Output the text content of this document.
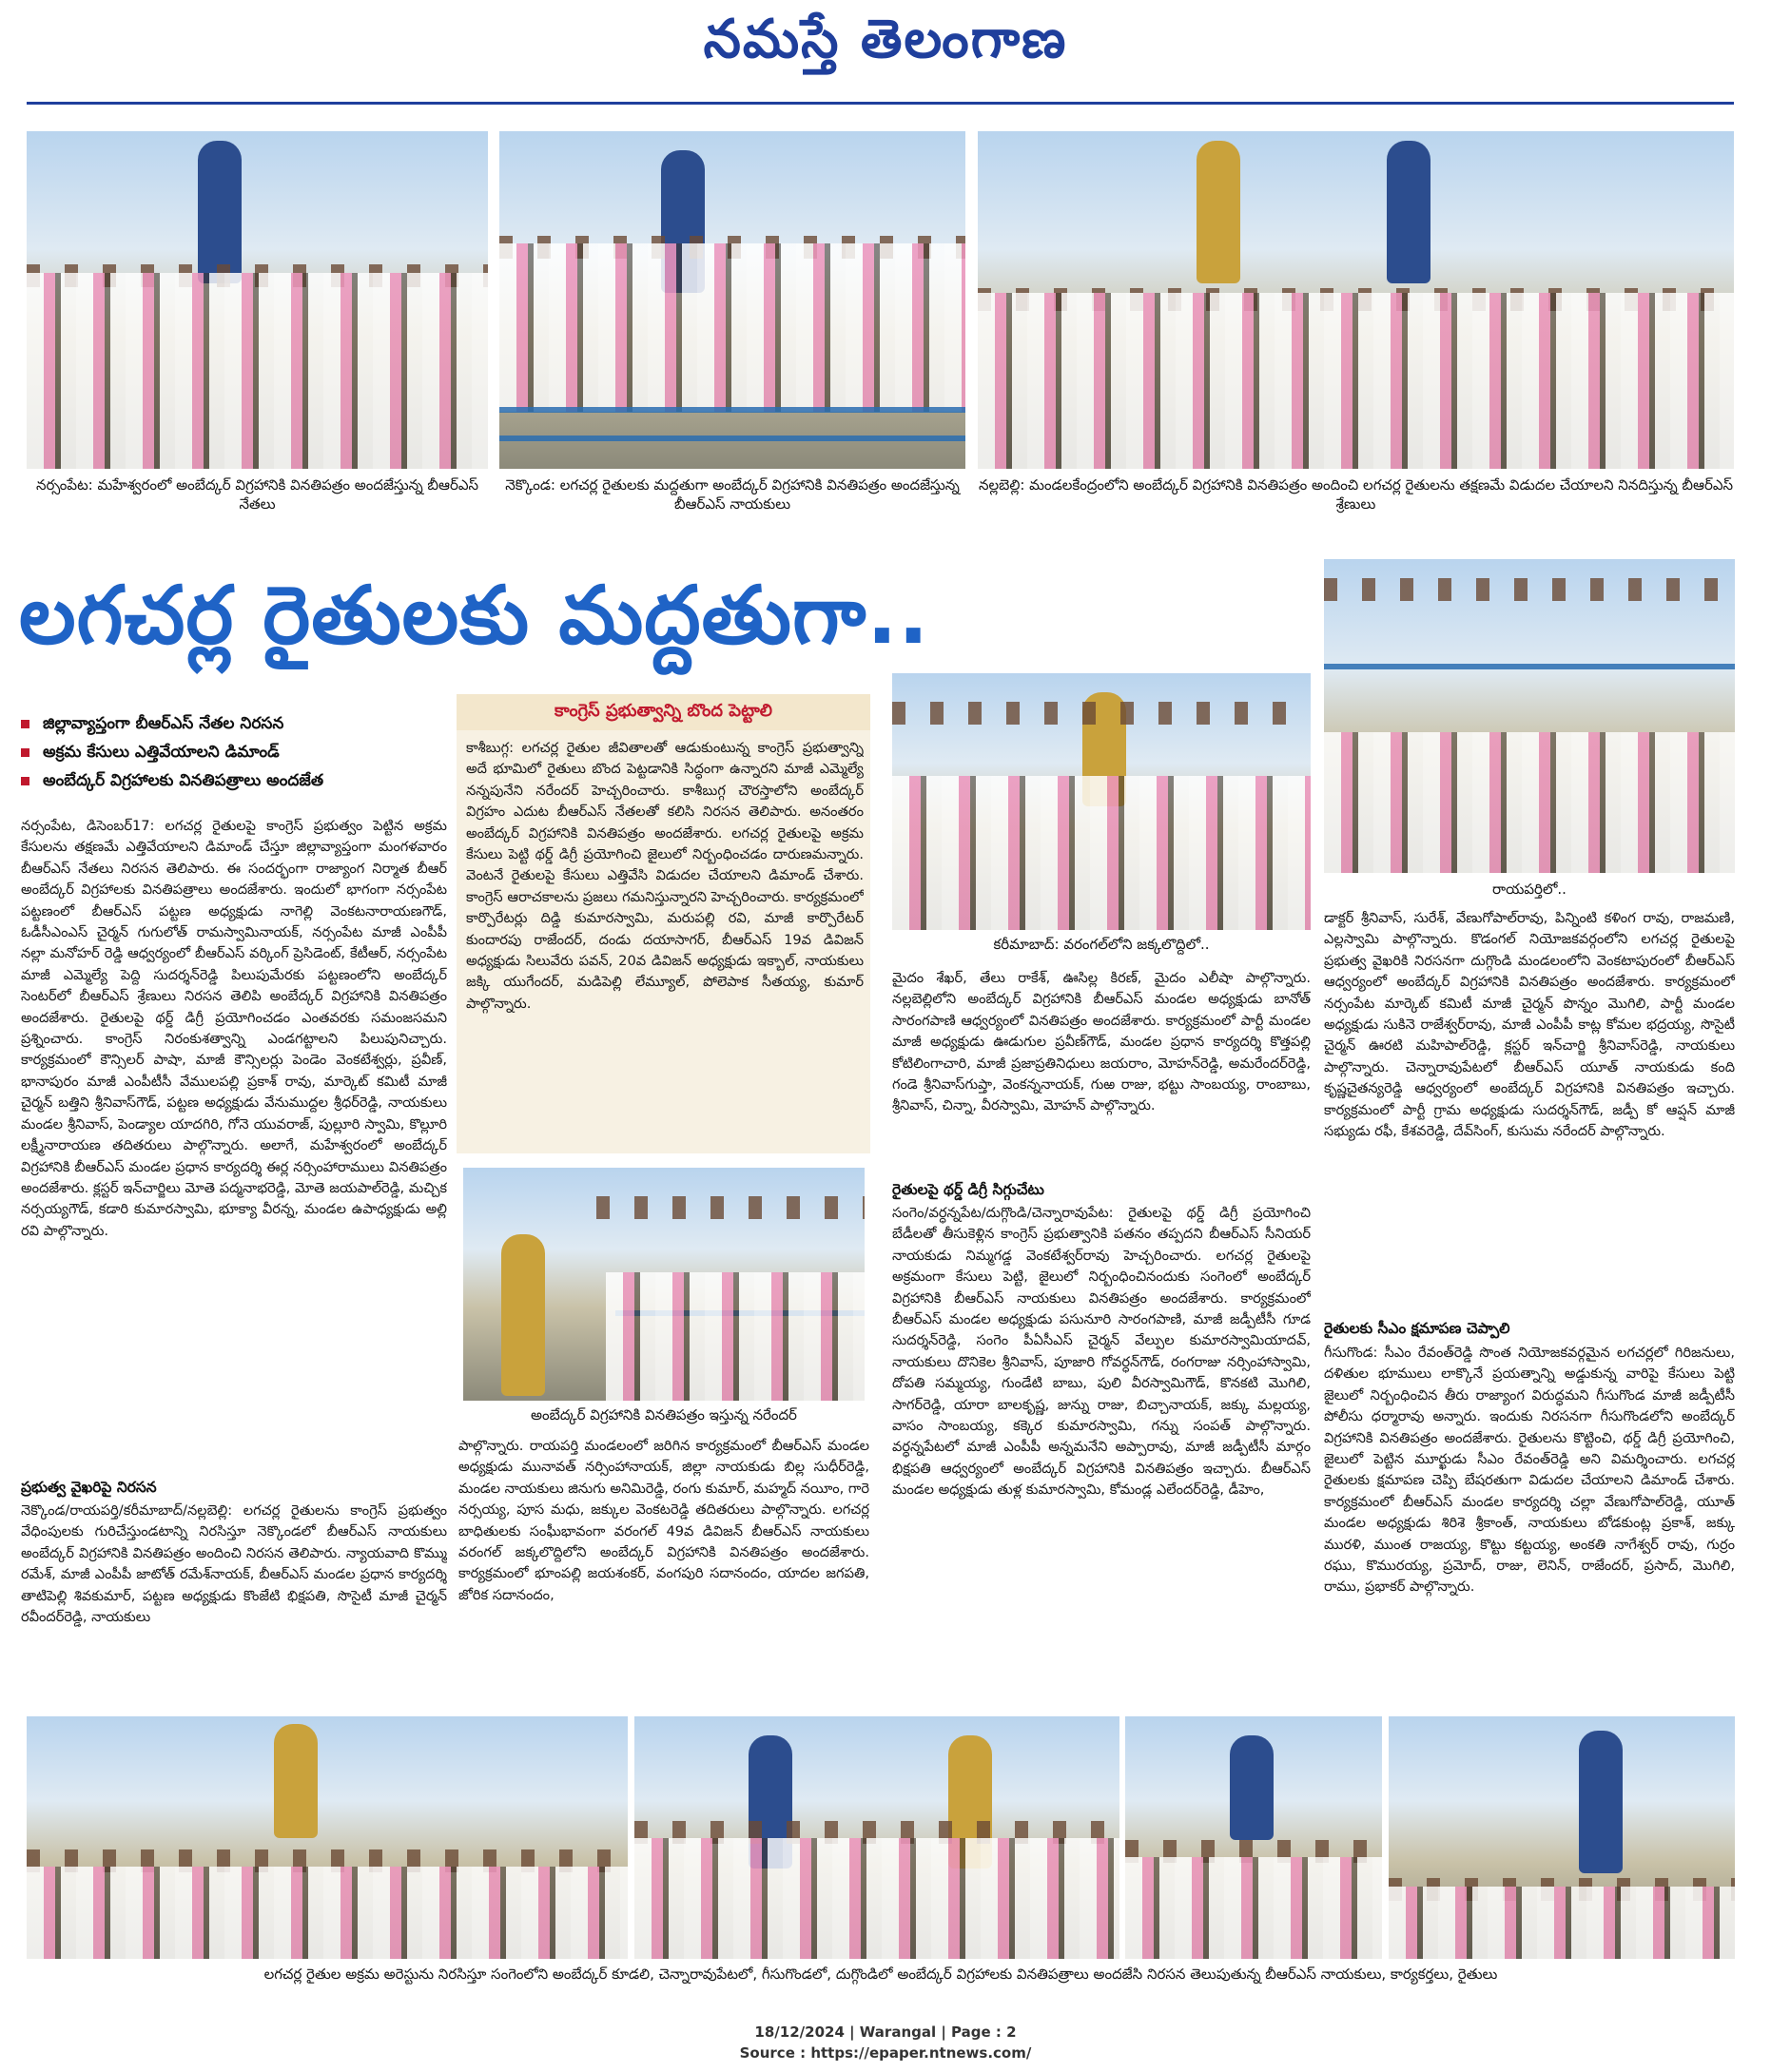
నమస్తే తెలంగాణ
నర్సంపేట: మహేశ్వరంలో అంబేద్కర్ విగ్రహానికి వినతిపత్రం అందజేస్తున్న బీఆర్ఎస్ నేతలు
నెక్కొండ: లగచర్ల రైతులకు మద్దతుగా అంబేద్కర్ విగ్రహానికి వినతిపత్రం అందజేస్తున్న బీఆర్ఎస్ నాయకులు
నల్లబెల్లి: మండలకేంద్రంలోని అంబేద్కర్ విగ్రహానికి వినతిపత్రం అందించి లగచర్ల రైతులను తక్షణమే విడుదల చేయాలని నినదిస్తున్న బీఆర్ఎస్ శ్రేణులు
లగచర్ల రైతులకు మద్దతుగా..
రాయపర్తిలో..
జిల్లావ్యాప్తంగా బీఆర్ఎస్ నేతల నిరసన
అక్రమ కేసులు ఎత్తివేయాలని డిమాండ్
అంబేద్కర్ విగ్రహాలకు వినతిపత్రాలు అందజేత
నర్సంపేట, డిసెంబర్17: లగచర్ల రైతులపై కాంగ్రెస్ ప్రభుత్వం పెట్టిన అక్రమ కేసులను తక్షణమే ఎత్తివేయాలని డిమాండ్ చేస్తూ జిల్లావ్యాప్తంగా మంగళవారం బీఆర్ఎస్ నేతలు నిరసన తెలిపారు. ఈ సందర్భంగా రాజ్యాంగ నిర్మాత బీఆర్ అంబేద్కర్ విగ్రహాలకు వినతిపత్రాలు అందజేశారు. ఇందులో భాగంగా నర్సంపేట పట్టణంలో బీఆర్ఎస్ పట్టణ అధ్యక్షుడు నాగెల్లి వెంకటనారాయణగౌడ్, ఓడీసీఎంఎస్ చైర్మన్ గుగులోత్ రామస్వామినాయక్, నర్సంపేట మాజీ ఎంపీపీ నల్లా మనోహర్ రెడ్డి ఆధ్వర్యంలో బీఆర్ఎస్ వర్కింగ్ ప్రెసిడెంట్, కేటీఆర్, నర్సంపేట మాజీ ఎమ్మెల్యే పెద్ది సుదర్శన్‌రెడ్డి పిలుపుమేరకు పట్టణంలోని అంబేద్కర్ సెంటర్‌లో బీఆర్ఎస్ శ్రేణులు నిరసన తెలిపి అంబేద్కర్ విగ్రహానికి వినతిపత్రం అందజేశారు. రైతులపై థర్డ్ డిగ్రీ ప్రయోగించడం ఎంతవరకు సమంజసమని ప్రశ్నించారు. కాంగ్రెస్ నిరంకుశత్వాన్ని ఎండగట్టాలని పిలుపునిచ్చారు. కార్యక్రమంలో కౌన్సిలర్ పాషా, మాజీ కౌన్సిలర్లు పెండెం వెంకటేశ్వర్లు, ప్రవీణ్, భానాపురం మాజీ ఎంపీటీసీ వేములపల్లి ప్రకాశ్ రావు, మార్కెట్ కమిటీ మాజీ చైర్మన్ బత్తిని శ్రీనివాస్‌గౌడ్, పట్టణ అధ్యక్షుడు వేనుముద్దల శ్రీధర్‌రెడ్డి, నాయకులు మండల శ్రీనివాస్, పెండ్యాల యాదగిరి, గోనె యువరాజ్, పుల్లూరి స్వామి, కొల్లూరి లక్ష్మీనారాయణ తదితరులు పాల్గొన్నారు. అలాగే, మహేశ్వరంలో అంబేద్కర్ విగ్రహానికి బీఆర్ఎస్ మండల ప్రధాన కార్యదర్శి ఈర్ల నర్సింహారాములు వినతిపత్రం అందజేశారు. క్లస్టర్ ఇన్‌చార్జిలు మోతె పద్మనాభరెడ్డి, మోతె జయపాల్‌రెడ్డి, మచ్చిక నర్సయ్యగౌడ్, కడారి కుమారస్వామి, భూక్యా వీరన్న, మండల ఉపాధ్యక్షుడు అల్లి రవి పాల్గొన్నారు.
ప్రభుత్వ వైఖరిపై నిరసన
నెక్కొండ/రాయపర్తి/కరీమాబాద్/నల్లబెల్లి: లగచర్ల రైతులను కాంగ్రెస్ ప్రభుత్వం వేధింపులకు గురిచేస్తుండటాన్ని నిరసిస్తూ నెక్కొండలో బీఆర్ఎస్ నాయకులు అంబేద్కర్ విగ్రహానికి వినతిపత్రం అందించి నిరసన తెలిపారు. న్యాయవాది కొమ్ము రమేశ్, మాజీ ఎంపీపీ జాటోత్ రమేశ్‌నాయక్, బీఆర్ఎస్ మండల ప్రధాన కార్యదర్శి తాటిపెల్లి శివకుమార్, పట్టణ అధ్యక్షుడు కొంజేటి భిక్షపతి, సొసైటీ మాజీ చైర్మన్ రవీందర్‌రెడ్డి, నాయకులు
కాంగ్రెస్ ప్రభుత్వాన్ని బొంద పెట్టాలి
కాశీబుగ్గ: లగచర్ల రైతుల జీవితాలతో ఆడుకుంటున్న కాంగ్రెస్ ప్రభుత్వాన్ని అదే భూమిలో రైతులు బొంద పెట్టడానికి సిద్ధంగా ఉన్నారని మాజీ ఎమ్మెల్యే నన్నపునేని నరేందర్ హెచ్చరించారు. కాశీబుగ్గ చౌరస్తాలోని అంబేద్కర్ విగ్రహం ఎదుట బీఆర్ఎస్ నేతలతో కలిసి నిరసన తెలిపారు. అనంతరం అంబేద్కర్ విగ్రహానికి వినతిపత్రం అందజేశారు. లగచర్ల రైతులపై అక్రమ కేసులు పెట్టి థర్డ్ డిగ్రీ ప్రయోగించి జైలులో నిర్బంధించడం దారుణమన్నారు. వెంటనే రైతులపై కేసులు ఎత్తివేసి విడుదల చేయాలని డిమాండ్ చేశారు. కాంగ్రెస్ ఆరాచకాలను ప్రజలు గమనిస్తున్నారని హెచ్చరించారు. కార్యక్రమంలో కార్పొరేటర్లు దిడ్డి కుమారస్వామి, మరుపల్లి రవి, మాజీ కార్పొరేటర్ కుందారపు రాజేందర్, దండు దయాసాగర్, బీఆర్ఎస్ 19వ డివిజన్ అధ్యక్షుడు సిలువేరు పవన్, 20వ డివిజన్ అధ్యక్షుడు ఇక్బాల్, నాయకులు జక్కి యుగేందర్, మడిపెల్లి లేమ్యూల్, పోలెపాక సీతయ్య, కుమార్ పాల్గొన్నారు.
అంబేద్కర్ విగ్రహానికి వినతిపత్రం ఇస్తున్న నరేందర్
పాల్గొన్నారు. రాయపర్తి మండలంలో జరిగిన కార్యక్రమంలో బీఆర్ఎస్ మండల అధ్యక్షుడు మునావత్ నర్సింహానాయక్, జిల్లా నాయకుడు బిల్ల సుధీర్‌రెడ్డి, మండల నాయకులు జినుగు అనిమిరెడ్డి, రంగు కుమార్, మహ్మద్ నయీం, గారె నర్సయ్య, పూస మధు, జక్కుల వెంకటరెడ్డి తదితరులు పాల్గొన్నారు. లగచర్ల బాధితులకు సంఘీభావంగా వరంగల్ 49వ డివిజన్ బీఆర్ఎస్ నాయకులు వరంగల్ జక్కలొద్దిలోని అంబేద్కర్ విగ్రహానికి వినతిపత్రం అందజేశారు. కార్యక్రమంలో భూంపల్లి జయశంకర్, వంగపురి సదానందం, యాదల జగపతి, జోరిక సదానందం,
కరీమాబాద్: వరంగల్‌లోని జక్కలొద్దిలో..
మైదం శేఖర్, తేలు రాకేశ్, ఊసిల్ల కిరణ్, మైదం ఎలీషా పాల్గొన్నారు. నల్లబెల్లిలోని అంబేద్కర్ విగ్రహానికి బీఆర్ఎస్ మండల అధ్యక్షుడు బానోత్ సారంగపాణి ఆధ్వర్యంలో వినతిపత్రం అందజేశారు. కార్యక్రమంలో పార్టీ మండల మాజీ అధ్యక్షుడు ఊడుగుల ప్రవీణ్‌గౌడ్, మండల ప్రధాన కార్యదర్శి కొత్తపల్లి కోటిలింగాచారి, మాజీ ప్రజాప్రతినిధులు జయరాం, మోహన్‌రెడ్డి, అమరేందర్‌రెడ్డి, గండె శ్రీనివాస్‌గుప్తా, వెంకన్ననాయక్, గుఱ రాజు, భట్టు సాంబయ్య, రాంబాబు, శ్రీనివాస్, చిన్నా, వీరస్వామి, మోహన్ పాల్గొన్నారు.
రైతులపై థర్డ్ డిగ్రీ సిగ్గుచేటు
సంగెం/వర్ధన్నపేట/దుగ్గొండి/చెన్నారావుపేట: రైతులపై థర్డ్ డిగ్రీ ప్రయోగించి బేడీలతో తీసుకెళ్లిన కాంగ్రెస్ ప్రభుత్వానికి పతనం తప్పదని బీఆర్ఎస్ సీనియర్ నాయకుడు నిమ్మగడ్డ వెంకటేశ్వర్‌రావు హెచ్చరించారు. లగచర్ల రైతులపై అక్రమంగా కేసులు పెట్టి, జైలులో నిర్బంధించినందుకు సంగెంలో అంబేద్కర్ విగ్రహానికి బీఆర్ఎస్ నాయకులు వినతిపత్రం అందజేశారు. కార్యక్రమంలో బీఆర్ఎస్ మండల అధ్యక్షుడు పసునూరి సారంగపాణి, మాజీ జడ్పీటీసీ గూడ సుదర్శన్‌రెడ్డి, సంగెం పీఏసీఎస్ చైర్మన్ వేల్పుల కుమారస్వామియాదవ్, నాయకులు దొనికెల శ్రీనివాస్, పూజారి గోవర్ధన్‌గౌడ్, రంగరాజు నర్సింహాస్వామి, దోపతి సమ్మయ్య, గుండేటి బాబు, పులి వీరస్వామిగౌడ్, కొనకటి మొగిలి, సాగర్‌రెడ్డి, యారా బాలకృష్ణ, జున్ను రాజు, బిచ్చానాయక్, జక్కు మల్లయ్య, వాసం సాంబయ్య, కక్కెర కుమారస్వామి, గన్ను సంపత్ పాల్గొన్నారు. వర్ధన్నపేటలో మాజీ ఎంపీపీ అన్నమనేని అప్పారావు, మాజీ జడ్పీటీసీ మార్గం భిక్షపతి ఆధ్వర్యంలో అంబేద్కర్ విగ్రహానికి వినతిపత్రం ఇచ్చారు. బీఆర్ఎస్ మండల అధ్యక్షుడు తుళ్ల కుమారస్వామి, కోమండ్ల ఎలేందర్‌రెడ్డి, డీహెం,
డాక్టర్ శ్రీనివాస్, సురేశ్, వేణుగోపాల్‌రావు, పిన్నింటి కళింగ రావు, రాజమణి, ఎల్లస్వామి పాల్గొన్నారు. కొడంగల్ నియోజకవర్గంలోని లగచర్ల రైతులపై ప్రభుత్వ వైఖరికి నిరసనగా దుగ్గొండి మండలంలోని వెంకటాపురంలో బీఆర్ఎస్ ఆధ్వర్యంలో అంబేద్కర్ విగ్రహానికి వినతిపత్రం అందజేశారు. కార్యక్రమంలో నర్సంపేట మార్కెట్ కమిటీ మాజీ చైర్మన్ పొన్నం మొగిలి, పార్టీ మండల అధ్యక్షుడు సుకినె రాజేశ్వర్‌రావు, మాజీ ఎంపీపీ కాట్ల కోమల భద్రయ్య, సొసైటీ చైర్మన్ ఊరటి మహిపాల్‌రెడ్డి, క్లస్టర్ ఇన్‌చార్జి శ్రీనివాస్‌రెడ్డి, నాయకులు పాల్గొన్నారు. చెన్నారావుపేటలో బీఆర్ఎస్ యూత్ నాయకుడు కంది కృష్ణచైతన్యరెడ్డి ఆధ్వర్యంలో అంబేద్కర్ విగ్రహానికి వినతిపత్రం ఇచ్చారు. కార్యక్రమంలో పార్టీ గ్రామ అధ్యక్షుడు సుదర్శన్‌గౌడ్, జడ్పీ కో ఆప్షన్ మాజీ సభ్యుడు రఫీ, కేశవరెడ్డి, దేవ్‌సింగ్, కుసుమ నరేందర్ పాల్గొన్నారు.
రైతులకు సీఎం క్షమాపణ చెప్పాలి
గీసుగొండ: సీఎం రేవంత్‌రెడ్డి సొంత నియోజకవర్గమైన లగచర్లలో గిరిజనులు, దళితుల భూములు లాక్కొనే ప్రయత్నాన్ని అడ్డుకున్న వారిపై కేసులు పెట్టి జైలులో నిర్బంధించిన తీరు రాజ్యాంగ విరుద్ధమని గీసుగొండ మాజీ జడ్పీటీసీ పోలీసు ధర్మారావు అన్నారు. ఇందుకు నిరసనగా గీసుగొండలోని అంబేద్కర్ విగ్రహానికి వినతిపత్రం అందజేశారు. రైతులను కొట్టించి, థర్డ్ డిగ్రీ ప్రయోగించి, జైలులో పెట్టిన మూర్ఖుడు సీఎం రేవంత్‌రెడ్డి అని విమర్శించారు. లగచర్ల రైతులకు క్షమాపణ చెప్పి బేషరతుగా విడుదల చేయాలని డిమాండ్ చేశారు. కార్యక్రమంలో బీఆర్ఎస్ మండల కార్యదర్శి చల్లా వేణుగోపాల్‌రెడ్డి, యూత్ మండల అధ్యక్షుడు శిరిశె శ్రీకాంత్, నాయకులు బోడకుంట్ల ప్రకాశ్, జక్కు మురళి, ముంత రాజయ్య, కొట్టు కట్టయ్య, అంకతి నాగేశ్వర్ రావు, గుర్రం రఘు, కొమురయ్య, ప్రమోద్, రాజు, లెనిన్, రాజేందర్, ప్రసాద్, మొగిలి, రాము, ప్రభాకర్ పాల్గొన్నారు.
లగచర్ల రైతుల అక్రమ అరెస్టును నిరసిస్తూ సంగెంలోని అంబేద్కర్ కూడలి, చెన్నారావుపేటలో, గీసుగొండలో, దుగ్గొండిలో అంబేద్కర్ విగ్రహాలకు వినతిపత్రాలు అందజేసి నిరసన తెలుపుతున్న బీఆర్ఎస్ నాయకులు, కార్యకర్తలు, రైతులు
18/12/2024 | Warangal | Page : 2
Source : https://epaper.ntnews.com/
